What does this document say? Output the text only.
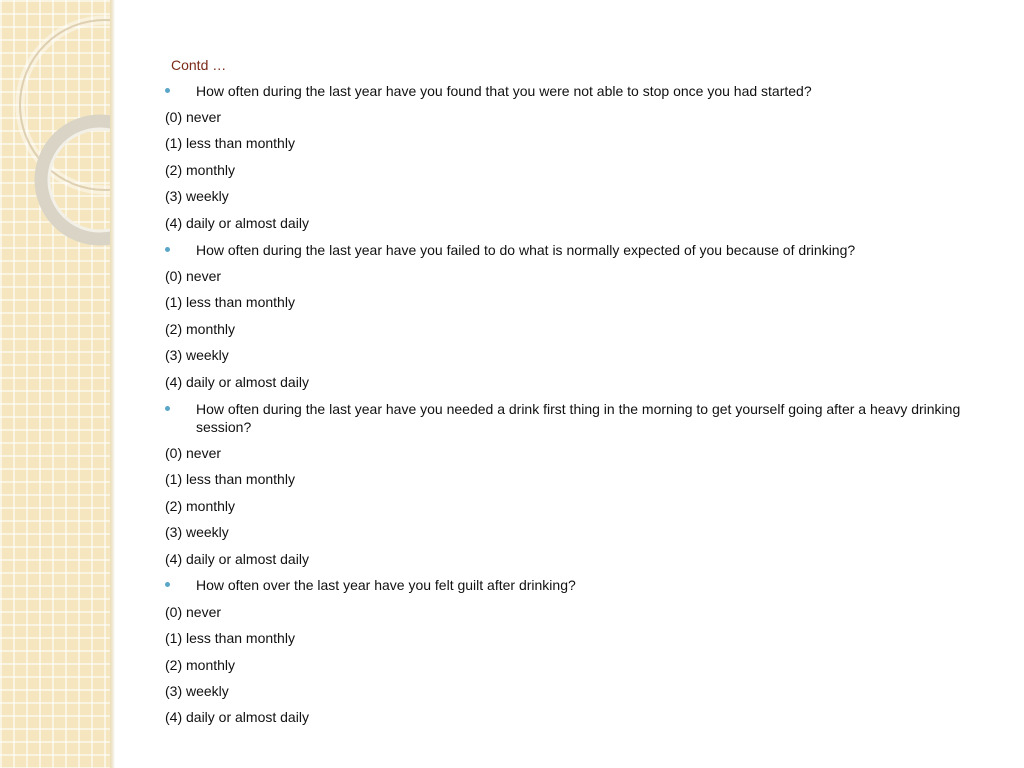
Contd …

How often during the last year have you found that you were not able to stop once you had started?

(0) never

(1) less than monthly

(2) monthly

(3) weekly

(4) daily or almost daily

How often during the last year have you failed to do what is normally expected of you because of drinking?

(0) never

(1) less than monthly

(2) monthly

(3) weekly

(4) daily or almost daily

How often during the last year have you needed a drink first thing in the morning to get yourself going after a heavy drinking session?

(0) never

(1) less than monthly

(2) monthly

(3) weekly

(4) daily or almost daily

How often over the last year have you felt guilt after drinking?

(0) never

(1) less than monthly

(2) monthly

(3) weekly

(4) daily or almost daily
